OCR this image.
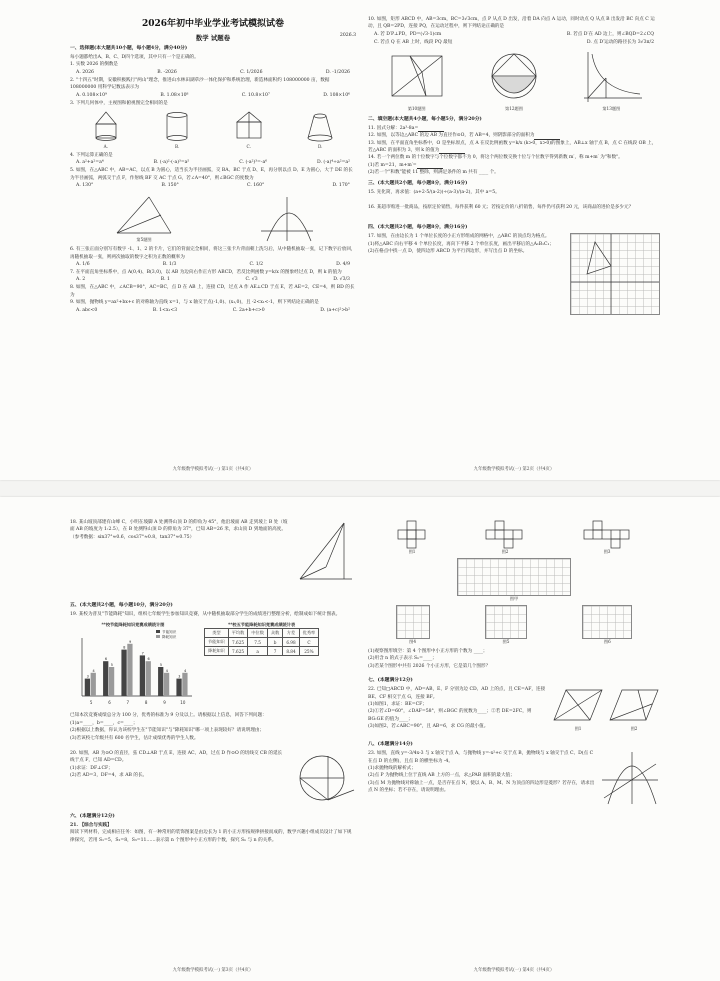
2026年初中毕业学业考试模拟试卷
数学 试题卷	2026.3

一、选择题(本大题共10小题，每小题4分，满分40分)

每小题都给出A、B、C、D四个选项，其中只有一个是正确的。

1. 实数 2026 的倒数是

A. 2026	B. -2026	C. 1/2026	D. -1/2026

2. "十四五"时期，安徽积极践行"两山"理念，推进山水林田湖草沙一体化保护和系统治理，新造林面积约 108000000 亩，数据 108000000 用科学记数法表示为

A. 0.108×10⁹	B. 1.08×10⁸	C. 10.8×10⁷	D. 108×10⁶

3. 下列几何体中，主视图和俯视图完全相同的是

A.	B.	C.	D.

4. 下列运算正确的是

A. a²+a²=a⁴	B. (-a)²·(-a)³=a⁵	C. (-a²)³=-a⁶	D. (-a)⁴÷a²=a²

5. 如图，在△ABC 中，AB=AC，以点 B 为圆心，适当长为半径画弧，交 BA、BC 于点 D、E，再分别以点 D、E 为圆心，大于 DE 的长为半径画弧，两弧交于点 F，作射线 BF 交 AC 于点 G，若∠A=40°，则∠BGC 的度数为

A. 130°	B. 150°	C. 160°	D. 170°
第5题图

6. 有三张正面分别写有数字 -1、1、2 的卡片，它们的背面完全相同，将这三张卡片背面朝上洗匀后，从中随机抽取一张，记下数字后放回，再随机抽取一张，则两次抽取的数字之积为正数的概率为

A. 1/6	B. 1/3	C. 1/2	D. 4/9

7. 在平面直角坐标系中，点 A(0,4)、B(3,0)，以 AB 为边向右作正方形 ABCD，若反比例函数 y=k/x 的图象经过点 D，则 k 的值为

A. 2	B. 1	C. √3	D. √3/3

8. 如图，在△ABC 中，∠ACB=90°，AC=BC，点 D 在 AB 上，连接 CD，过点 A 作 AE⊥CD 于点 E，若 AE=2，CE=4，则 BD 的长为

9. 如图，抛物线 y=ax²+bx+c 的对称轴为直线 x=1，与 x 轴交于点(-1,0)、(x₁,0)，且 -2<x₁<-1，则下列结论正确的是

A. abc<0	B. 1<x₁<3	C. 2a+b+c>0	D. (a+c)²>b²
九年级数学模拟考试(一) 第1页（共4页）

10. 如图，矩形 ABCD 中，AB=3cm，BC=3√3cm，点 P 从点 D 出发，沿着 DA 向点 A 运动，同时动点 Q 从点 B 出发沿 BC 向点 C 运动，且 QB=2PD，连接 PQ，在运动过程中，则下列结论正确的是

A. 若 D′P⊥PD，PD=(√3-1)cm	B. 若点 D′在 AD 边上，则∠BQD=2∠CQ
C. 若点 Q 在 AB 上时，线段 PQ 最短	D. 点 D′运动的路径长为 3√3π/2
第10题图	第12题图	第13题图

二、填空题(本大题共4小题，每小题5分，满分20分)

11. 因式分解：2a³-8a=

12. 如图，以等边△ABC 的边 AB 为直径作⊙O，若 AB=4，则阴影部分的面积为

13. 如图，在平面直角坐标系中，O 是坐标原点，点 A 在反比例函数 y=k/x (k>0，x>0)的图象上，AB⊥x 轴于点 B，点 C 在线段 OB 上，若△ABC 的面积为 3，则 k 的值为

14. 若一个两位数 m 的十位数字与个位数字都不为 0，将这个两位数交换十位与个位数字得到新数 m′，称 m+m′ 为"和数"。

(1)若 m=21，m+m′=

(2)若一个"和数"能被 11 整除，则满足条件的 m 共有 ____ 个。

三、(本大题共2小题，每小题8分，满分16分)

15. 先化简，再求值：(a+2-5/(a-2))÷(a-3)/(a-2)，其中 a=5。

16. 某超市购进一批商品，按原定价销售，每件获利 60 元；若按定价的八折销售，每件仍可获利 20 元，该商品的进价是多少元？

四、(本大题共2小题，每小题8分，满分16分)

17. 如图，在由边长为 1 个单位长度的小正方形组成的网格中，△ABC 的顶点均为格点。

(1)将△ABC 向右平移 4 个单位长度，再向下平移 2 个单位长度，画出平移后的△A₁B₁C₁；

(2)在格点中找一点 D，使四边形 ABCD 为平行四边形，并写出点 D 的坐标。

九年级数学模拟考试(一) 第2页（共4页）

18. 某山坡顶部建有山峰 C，小明在坡脚 A 处测得山顶 D 的仰角为 45°，他沿坡面 AB 走到坡上 B 处（坡面 AB 的坡度为 1:2.5），在 B 处测得山顶 D 的仰角为 37°，已知 AB=26 米，求山顶 D 到地面的高度。（参考数据：sin37°≈0.6，cos37°≈0.8，tan37°≈0.75）

五、(本大题共2小题，每小题10分，满分20分)

19. 某校为普及"节能降耗"知识，组织七年级学生参加知识竞赛，从中随机抽取部分学生的成绩进行整理分析，绘制成如下统计图表。

**校节能降耗知识竞赛成绩统计图
3
4
5
6
5
6
8
9
7
7
6
8
5
4
9
3
4
10
节能知识
降耗知识
**校五节能降耗知识竞赛成绩统计表
类型	平均数	中位数	众数	方差	优秀率
节能知识	7.625	7.5	b	6.98	C
降耗知识	7.625	a	7	8.84	25%

已知本次竞赛成绩总分为 100 分，优秀的标准为 9 分及以上。请根据以上信息，回答下列问题：

(1)a=____，b=____，c=____；

(2)根据以上数据，你认为该校学生在"节能知识"与"降耗知识"哪一项上表现较好？请说明理由；

(3)若该校七年级共有 600 名学生，估计成绩优秀的学生人数。

20. 如图，AB 为⊙O 的直径，弦 CD⊥AB 于点 E，连接 AC、AD，过点 D 作⊙O 的切线交 CB 的延长线于点 F，已知 AD=CD。

(1)求证：DF⊥CF；

(2)若 AD=3，DF=4，求 AB 的长。

六、(本题满分12分)

21. 【综合与实践】

阅读下列材料，完成相应任务：如图，有一种常用的装饰图案是由边长为 1 的小正方形按规律拼接而成的，数学兴趣小组成员设计了如下规律探究，若用 S₁=5，S₂=8，S₃=11……表示第 n 个图形中小正方形的个数，探究 Sₙ 与 n 的关系。

九年级数学模拟考试(一) 第3页（共4页）
图1	图2	图3
图甲
图4	图5	图6

(1)观察图形填空：第 4 个图形中小正方形的个数为 ____；

(2)用含 n 的式子表示 Sₙ=____；

(3)若某个图形中共有 2026 个小正方形，它是第几个图形？

七、(本题满分12分)

22. 已知□ABCD 中，AD=AB，E、F 分别为边 CD、AD 上的点，且 CE=AF，连接 BE、CF 相交于点 G，连接 BF。

(1)如图1，求证：BE=CF；

(2)①若∠D=60°，∠DAF=58°，则∠BGC 的度数为____；②若 DE=2FC，则 BG:GE 的值为____；

(3)如图2，若∠ABC=90°，且 AB=6，求 CG 的最小值。	图1	图2

八、(本题满分14分)

23. 如图，直线 y=-3/4x-3 与 x 轴交于点 A，与抛物线 y=-x²+c 交于点 B，抛物线与 x 轴交于点 C、D(点 C 在点 D 的左侧)，且点 B 的横坐标为 -4。

(1)求抛物线的解析式；

(2)点 P 为抛物线上位于直线 AB 上方的一点，求△PAB 面积的最大值；

(3)点 M 为抛物线对称轴上一点，是否存在点 N，使以 A、B、M、N 为顶点的四边形是菱形？若存在，请求出点 N 的坐标；若不存在，请说明理由。

九年级数学模拟考试(一) 第4页（共4页）
